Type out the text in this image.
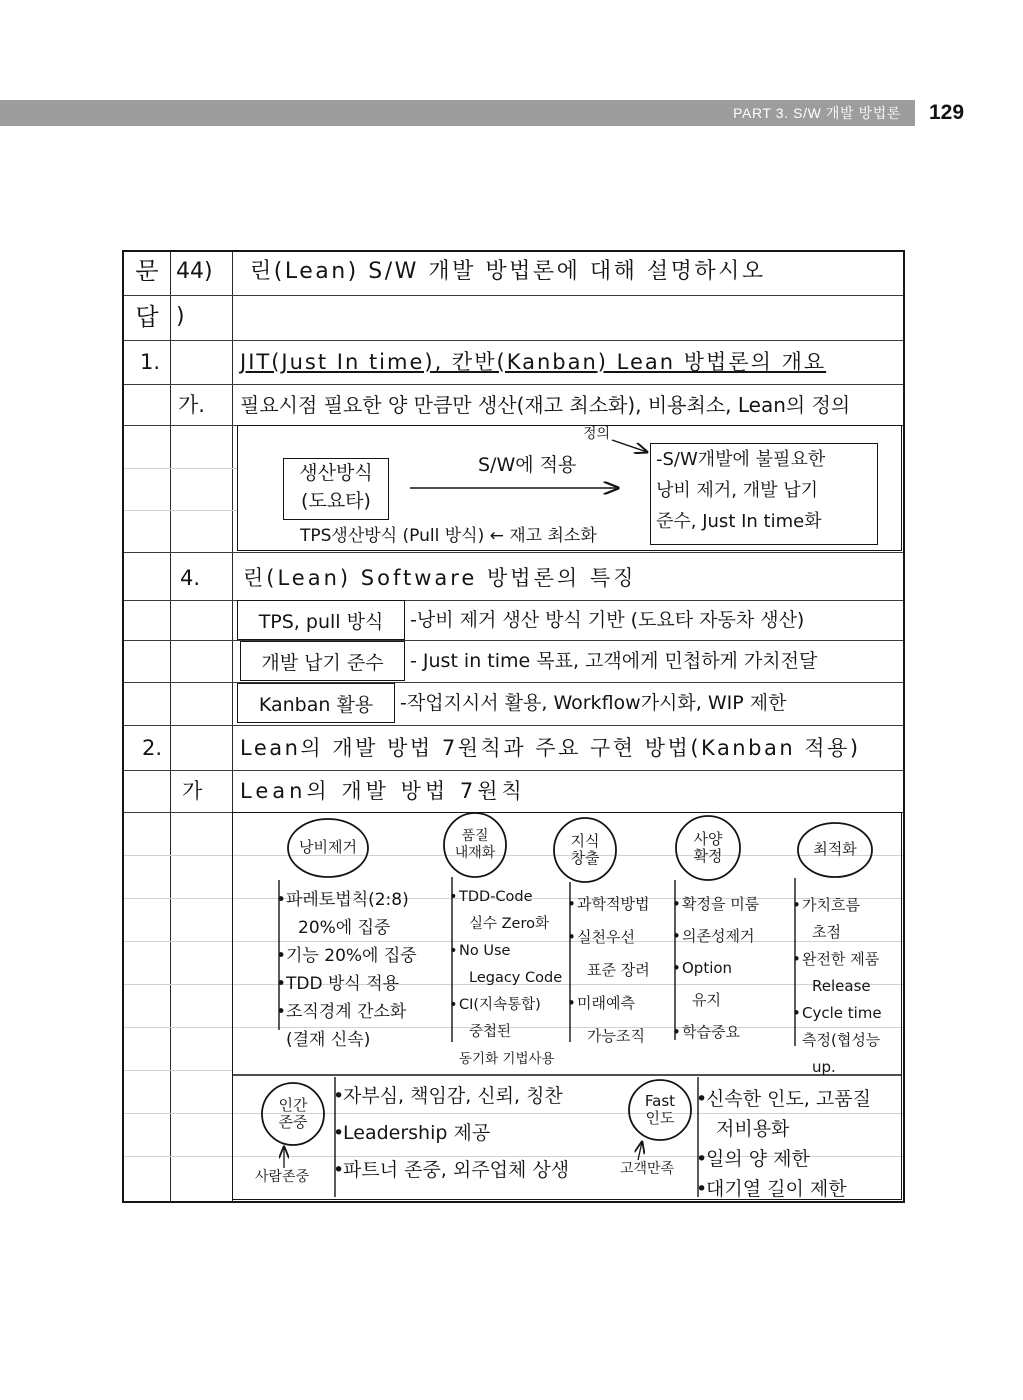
PART 3. S/W 개발 방법론 129
문 44) 린(Lean) S/W 개발 방법론에 대해 설명하시오
답 )
1.	JIT(Just In time), 칸반(Kanban) Lean 방법론의 개요
가. 필요시점 필요한 양 만큼만 생산(재고 최소화), 비용최소, Lean의 정의
생산방식
(도요타)
S/W에 적용
정의
-S/W개발에 불필요한
낭비 제거, 개발 납기
준수, Just In time화
TPS생산방식 (Pull 방식) ← 재고 최소화
4. 린(Lean) Software 방법론의 특징
TPS, pull 방식 -낭비 제거 생산 방식 기반 (도요타 자동차 생산)
개발 납기 준수 - Just in time 목표, 고객에게 민첩하게 가치전달
Kanban 활용 -작업지시서 활용, Workflow가시화, WIP 제한
2.	Lean의 개발 방법 7원칙과 주요 구현 방법(Kanban 적용)
가 Lean의 개발 방법 7원칙
낭비제거
품질
내재화
지식
창출
사양
확정	최적화
• 파레토법칙(2:8)
20%에 집중
• 기능 20%에 집중
• TDD 방식 적용
• 조직경계 간소화
(결재 신속)
• TDD-Code
실수 Zero화
• No Use
Legacy Code
• CI(지속통합)
중첩된
동기화 기법사용
• 과학적방법
• 실천우선
표준 장려
• 미래예측
가능조직
• 확정을 미룸
• 의존성제거
• Option
유지
• 학습중요
• 가치흐름
초점
• 완전한 제품
Release
• Cycle time
측정(협성능
up.
인간
존중
사람존중
• 자부심, 책임감, 신뢰, 칭찬
• Leadership 제공
• 파트너 존중, 외주업체 상생
Fast
인도
고객만족
• 신속한 인도, 고품질
저비용화
• 일의 양 제한
• 대기열 길이 제한
